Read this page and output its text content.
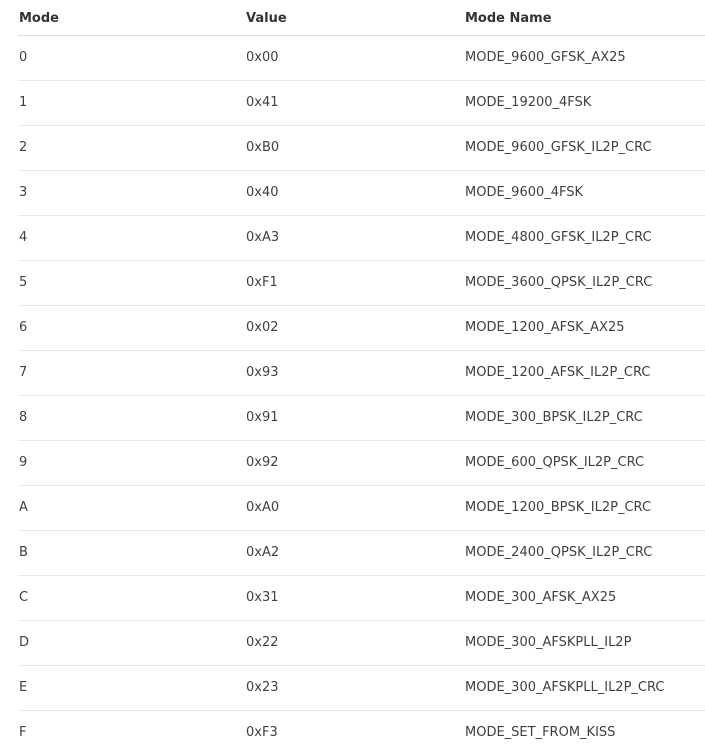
Mode	Value	Mode Name
0	0x00	MODE_9600_GFSK_AX25
1	0x41	MODE_19200_4FSK
2	0xB0	MODE_9600_GFSK_IL2P_CRC
3	0x40	MODE_9600_4FSK
4	0xA3	MODE_4800_GFSK_IL2P_CRC
5	0xF1	MODE_3600_QPSK_IL2P_CRC
6	0x02	MODE_1200_AFSK_AX25
7	0x93	MODE_1200_AFSK_IL2P_CRC
8	0x91	MODE_300_BPSK_IL2P_CRC
9	0x92	MODE_600_QPSK_IL2P_CRC
A	0xA0	MODE_1200_BPSK_IL2P_CRC
B	0xA2	MODE_2400_QPSK_IL2P_CRC
C	0x31	MODE_300_AFSK_AX25
D	0x22	MODE_300_AFSKPLL_IL2P
E	0x23	MODE_300_AFSKPLL_IL2P_CRC
F	0xF3	MODE_SET_FROM_KISS
